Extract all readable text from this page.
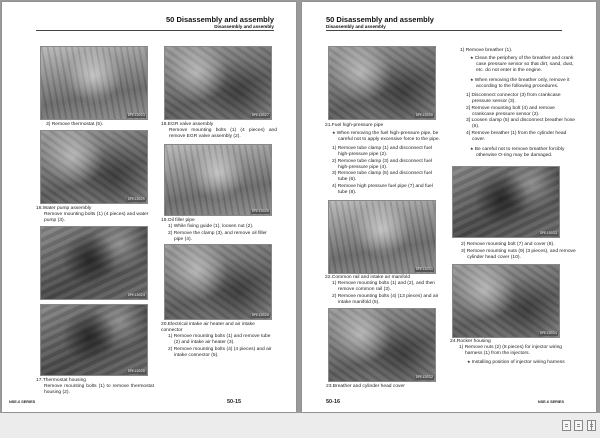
50 Disassembly and assembly
Disassembly and assembly
DPE13023
3) Remove thermostat (5).
DPE13025
16.Water pump assembly
Remove mounting bolts (1) (4 pieces) and water pump (3).
DPE13024
DPE13026
17.Thermostat housing
Remove mounting bolts (1) to remove thermostat housing (2).
DPE13027
18.EGR valve assembly
Remove mounting bolts (1) (4 pieces) and remove EGR valve assembly (2).
DPE13028
19.Oil filler pipe
1) While fixing guide (1), loosen nut (2).
2) Remove the clamp (3), and remove oil filler pipe (4).
DPE13029
20.Electrical intake air heater and air intake connector
1) Remove mounting bolts (1) and remove tube (2) and intake air heater (3).
2) Remove mounting bolts (4) (4 pieces) and air intake connector (5).
NSE-6 SERIES	50-15
50 Disassembly and assembly
Disassembly and assembly
DPE13030
21.Fuel high-pressure pipe
★ When removing the fuel high-pressure pipe, be careful not to apply excessive force to the pipe.
1) Remove tube clamp (1) and disconnect fuel high-pressure pipe (2).
2) Remove tube clamp (3) and disconnect fuel high-pressure pipe (4).
3) Remove tube clamp (5) and disconnect fuel tube (6).
4) Remove high pressure fuel pipe (7) and fuel tube (8).
DPE13031
22.Common rail and intake air manifold
1) Remove mounting bolts (1) and (2), and then remove common rail (3).
2) Remove mounting bolts (4) (13 pieces) and air intake manifold (5).
DPE13032
23.Breather and cylinder head cover
1) Remove breather (1).
★ Clean the periphery of the breather and crank case pressure sensor so that dirt, sand, dust, etc. do not enter in the engine.
★ When removing the breather only, remove it according to the following procedures.
1] Disconnect connector (3) from crankcase pressure sensor (3).
2] Remove mounting bolt (4) and remove crankcase pressure sensor (2).
3] Loosen clamp (5) and disconnect breather hose (6).
4] Remove breather (1) from the cylinder head cover.
★ Be careful not to remove breather forcibly otherwise O-ring may be damaged.
DPE13033
2) Remove mounting bolt (7) and cover (8).
3) Remove mounting nuts (9) (3 pieces), and remove cylinder head cover (10).
DPE13034
24.Rocker housing
1) Remove nuts (2) (8 pieces) for injector wiring harness (1) from the injectors.
★ Installing position of injector wiring harness
50-16	NSE-6 SERIES
